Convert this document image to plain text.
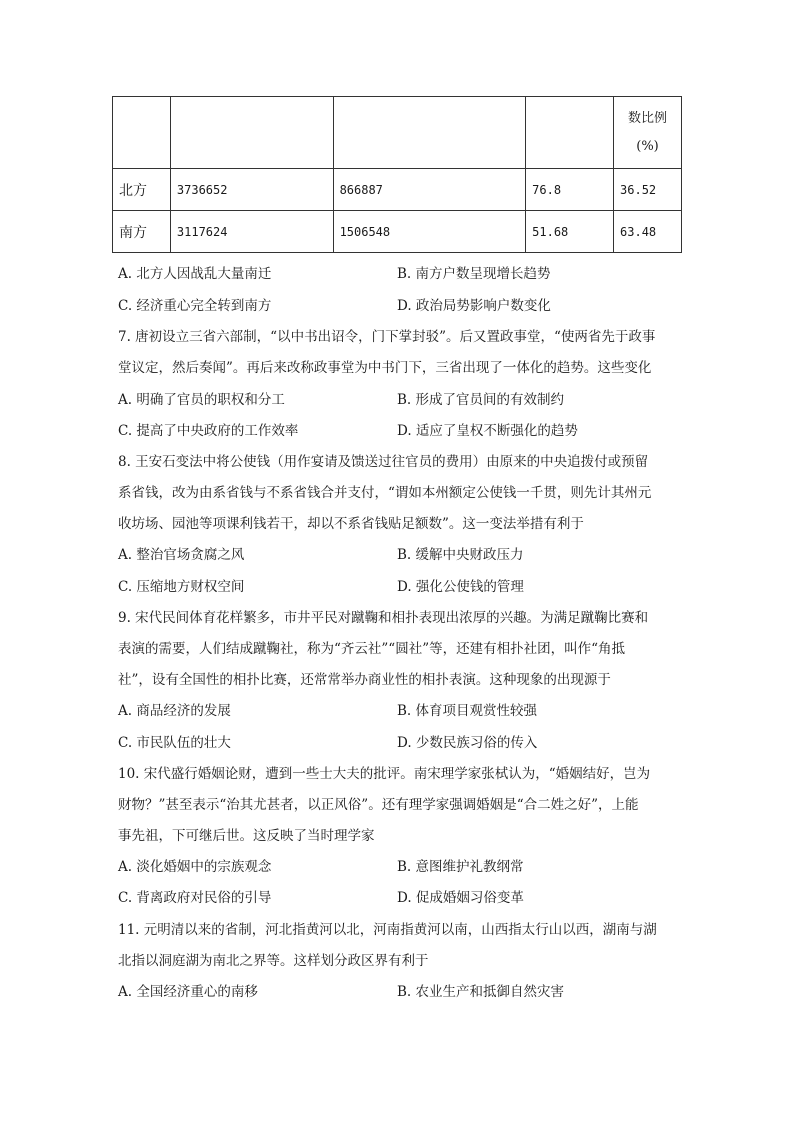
				数比例
(%)

北方	3736652	866887	76.8	36.52
南方	3117624	1506548	51.68	63.48
A. 北方人因战乱大量南迁	B. 南方户数呈现增长趋势
C. 经济重心完全转到南方	D. 政治局势影响户数变化
7. 唐初设立三省六部制，“以中书出诏令，门下掌封驳”。后又置政事堂，“使两省先于政事
堂议定，然后奏闻”。再后来改称政事堂为中书门下，三省出现了一体化的趋势。这些变化
A. 明确了官员的职权和分工	B. 形成了官员间的有效制约
C. 提高了中央政府的工作效率	D. 适应了皇权不断强化的趋势
8. 王安石变法中将公使钱（用作宴请及馈送过往官员的费用）由原来的中央追拨付或预留
系省钱，改为由系省钱与不系省钱合并支付，“谓如本州额定公使钱一千贯，则先计其州元
收坊场、园池等项课利钱若干，却以不系省钱贴足额数”。这一变法举措有利于
A. 整治官场贪腐之风	B. 缓解中央财政压力
C. 压缩地方财权空间	D. 强化公使钱的管理
9. 宋代民间体育花样繁多，市井平民对蹴鞠和相扑表现出浓厚的兴趣。为满足蹴鞠比赛和
表演的需要，人们结成蹴鞠社，称为“齐云社”“圆社”等，还建有相扑社团，叫作“角抵
社”，设有全国性的相扑比赛，还常常举办商业性的相扑表演。这种现象的出现源于
A. 商品经济的发展	B. 体育项目观赏性较强
C. 市民队伍的壮大	D. 少数民族习俗的传入
10. 宋代盛行婚姻论财，遭到一些士大夫的批评。南宋理学家张栻认为，“婚姻结好，岂为
财物？”甚至表示“治其尤甚者，以正风俗”。还有理学家强调婚姻是“合二姓之好”，上能
事先祖，下可继后世。这反映了当时理学家
A. 淡化婚姻中的宗族观念	B. 意图维护礼教纲常
C. 背离政府对民俗的引导	D. 促成婚姻习俗变革
11. 元明清以来的省制，河北指黄河以北，河南指黄河以南，山西指太行山以西，湖南与湖
北指以洞庭湖为南北之界等。这样划分政区界有利于
A. 全国经济重心的南移	B. 农业生产和抵御自然灾害
